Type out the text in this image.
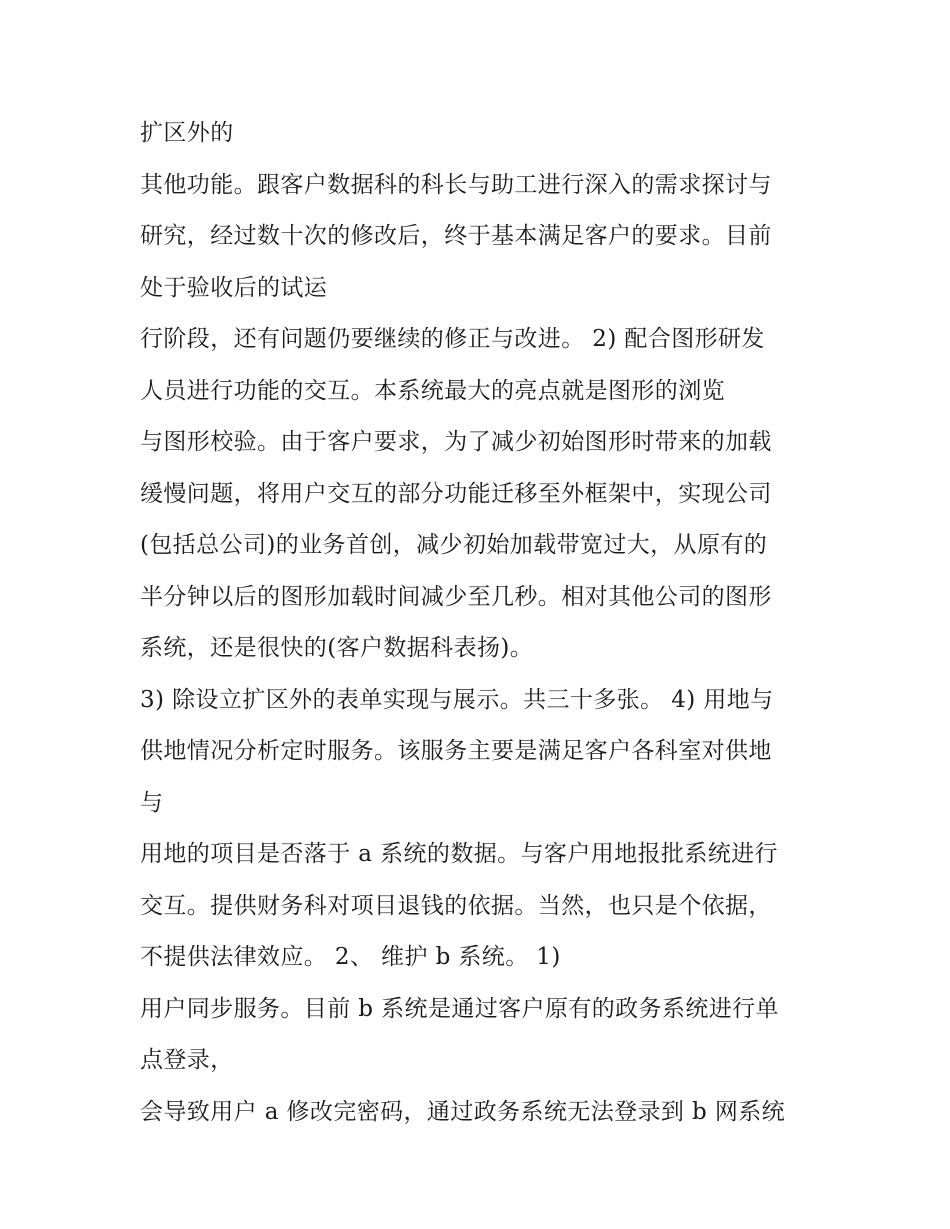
扩区外的
其他功能。跟客户数据科的科长与助工进行深入的需求探讨与
研究，经过数十次的修改后，终于基本满足客户的要求。目前
处于验收后的试运
行阶段，还有问题仍要继续的修正与改进。 2) 配合图形研发
人员进行功能的交互。本系统最大的亮点就是图形的浏览
与图形校验。由于客户要求，为了减少初始图形时带来的加载
缓慢问题，将用户交互的部分功能迁移至外框架中，实现公司
(包括总公司)的业务首创，减少初始加载带宽过大，从原有的
半分钟以后的图形加载时间减少至几秒。相对其他公司的图形
系统，还是很快的(客户数据科表扬)。
3) 除设立扩区外的表单实现与展示。共三十多张。 4) 用地与
供地情况分析定时服务。该服务主要是满足客户各科室对供地
与
用地的项目是否落于 a 系统的数据。与客户用地报批系统进行
交互。提供财务科对项目退钱的依据。当然，也只是个依据，
不提供法律效应。 2、 维护 b 系统。 1)
用户同步服务。目前 b 系统是通过客户原有的政务系统进行单
点登录，
会导致用户 a 修改完密码，通过政务系统无法登录到 b 网系统
